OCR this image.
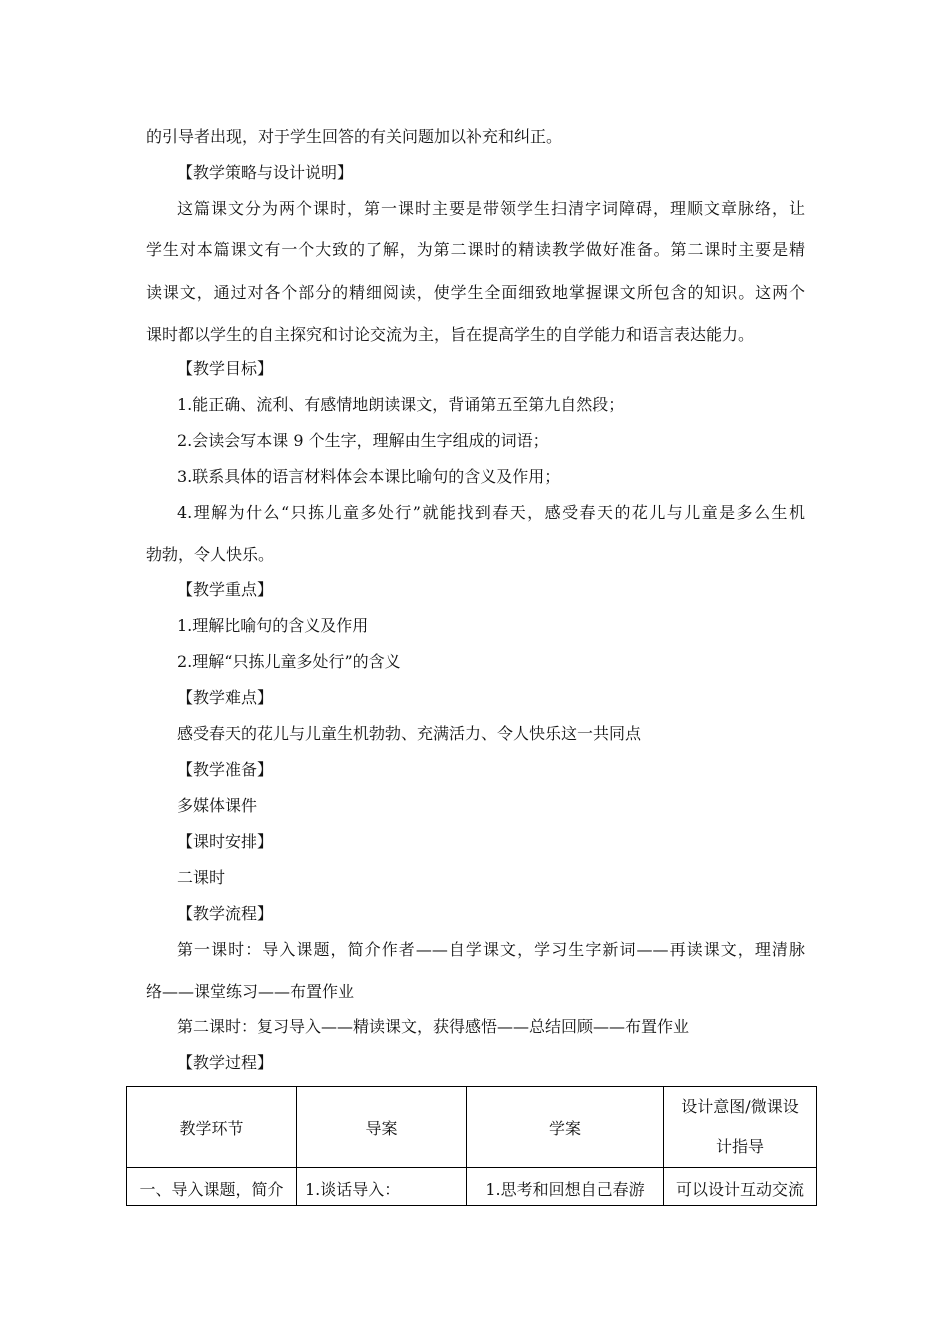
的引导者出现，对于学生回答的有关问题加以补充和纠正。
【教学策略与设计说明】
这篇课文分为两个课时，第一课时主要是带领学生扫清字词障碍，理顺文章脉络，让
学生对本篇课文有一个大致的了解，为第二课时的精读教学做好准备。第二课时主要是精
读课文，通过对各个部分的精细阅读，使学生全面细致地掌握课文所包含的知识。这两个
课时都以学生的自主探究和讨论交流为主，旨在提高学生的自学能力和语言表达能力。
【教学目标】
1.能正确、流利、有感情地朗读课文，背诵第五至第九自然段；
2.会读会写本课 9 个生字，理解由生字组成的词语；
3.联系具体的语言材料体会本课比喻句的含义及作用；
4.理解为什么“只拣儿童多处行”就能找到春天，感受春天的花儿与儿童是多么生机
勃勃，令人快乐。
【教学重点】
1.理解比喻句的含义及作用
2.理解“只拣儿童多处行”的含义
【教学难点】
感受春天的花儿与儿童生机勃勃、充满活力、令人快乐这一共同点
【教学准备】
多媒体课件
【课时安排】
二课时
【教学流程】
第一课时：导入课题，简介作者——自学课文，学习生字新词——再读课文，理清脉
络——课堂练习——布置作业
第二课时：复习导入——精读课文，获得感悟——总结回顾——布置作业
【教学过程】
教学环节	导案	学案	设计意图/微课设
计指导

一、导入课题，简介	1.谈话导入：	1.思考和回想自己春游	可以设计互动交流
